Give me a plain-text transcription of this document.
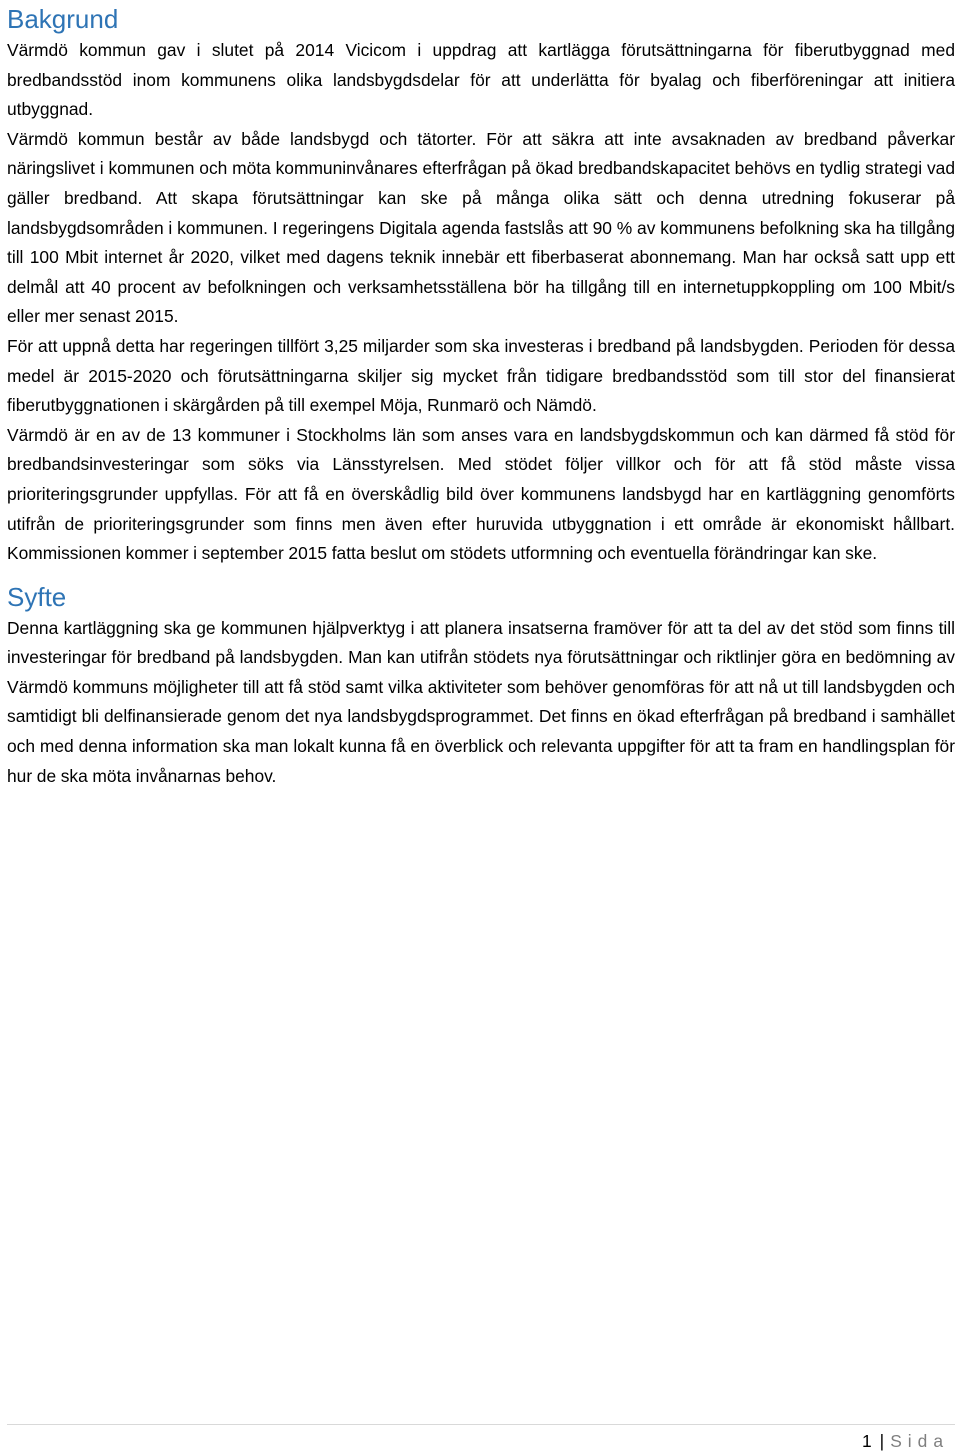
Bakgrund

Värmdö kommun gav i slutet på 2014 Vicicom i uppdrag att kartlägga förutsättningarna för fiberutbyggnad med bredbandsstöd inom kommunens olika landsbygdsdelar för att underlätta för byalag och fiberföreningar att initiera utbyggnad.

Värmdö kommun består av både landsbygd och tätorter. För att säkra att inte avsaknaden av bredband påverkar näringslivet i kommunen och möta kommuninvånares efterfrågan på ökad bredbandskapacitet behövs en tydlig strategi vad gäller bredband. Att skapa förutsättningar kan ske på många olika sätt och denna utredning fokuserar på landsbygdsområden i kommunen. I regeringens Digitala agenda fastslås att 90 % av kommunens befolkning ska ha tillgång till 100 Mbit internet år 2020, vilket med dagens teknik innebär ett fiberbaserat abonnemang. Man har också satt upp ett delmål att 40 procent av befolkningen och verksamhetsställena bör ha tillgång till en internetuppkoppling om 100 Mbit/s eller mer senast 2015.

För att uppnå detta har regeringen tillfört 3,25 miljarder som ska investeras i bredband på landsbygden. Perioden för dessa medel är 2015-2020 och förutsättningarna skiljer sig mycket från tidigare bredbandsstöd som till stor del finansierat fiberutbyggnationen i skärgården på till exempel Möja, Runmarö och Nämdö.

Värmdö är en av de 13 kommuner i Stockholms län som anses vara en landsbygdskommun och kan därmed få stöd för bredbandsinvesteringar som söks via Länsstyrelsen. Med stödet följer villkor och för att få stöd måste vissa prioriteringsgrunder uppfyllas. För att få en överskådlig bild över kommunens landsbygd har en kartläggning genomförts utifrån de prioriteringsgrunder som finns men även efter huruvida utbyggnation i ett område är ekonomiskt hållbart. Kommissionen kommer i september 2015 fatta beslut om stödets utformning och eventuella förändringar kan ske.

Syfte

Denna kartläggning ska ge kommunen hjälpverktyg i att planera insatserna framöver för att ta del av det stöd som finns till investeringar för bredband på landsbygden. Man kan utifrån stödets nya förutsättningar och riktlinjer göra en bedömning av Värmdö kommuns möjligheter till att få stöd samt vilka aktiviteter som behöver genomföras för att nå ut till landsbygden och samtidigt bli delfinansierade genom det nya landsbygdsprogrammet. Det finns en ökad efterfrågan på bredband i samhället och med denna information ska man lokalt kunna få en överblick och relevanta uppgifter för att ta fram en handlingsplan för hur de ska möta invånarnas behov.

1 | Sida
